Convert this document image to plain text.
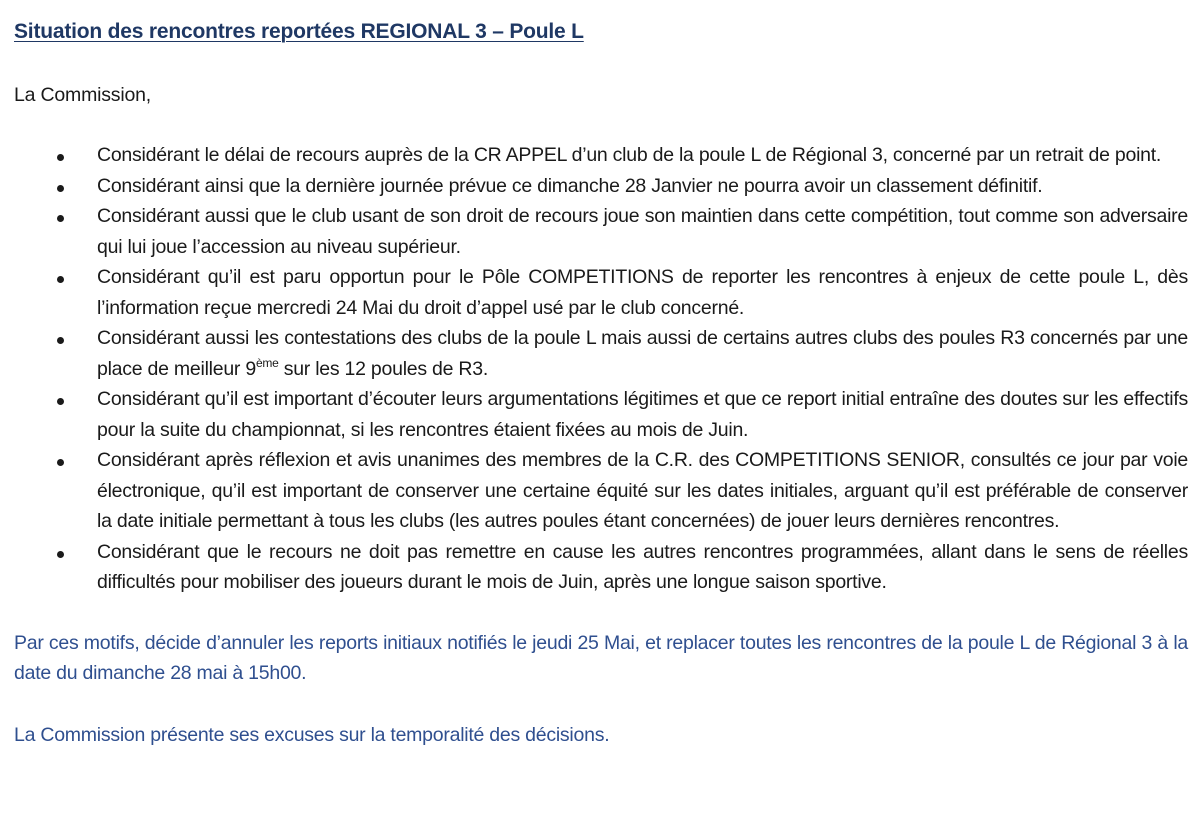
Situation des rencontres reportées REGIONAL 3 – Poule L

La Commission,

Considérant le délai de recours auprès de la CR APPEL d’un club de la poule L de Régional 3, concerné par un retrait de point.
Considérant ainsi que la dernière journée prévue ce dimanche 28 Janvier ne pourra avoir un classement définitif.
Considérant aussi que le club usant de son droit de recours joue son maintien dans cette compétition, tout comme son adversaire qui lui joue l’accession au niveau supérieur.
Considérant qu’il est paru opportun pour le Pôle COMPETITIONS de reporter les rencontres à enjeux de cette poule L, dès l’information reçue mercredi 24 Mai du droit d’appel usé par le club concerné.
Considérant aussi les contestations des clubs de la poule L mais aussi de certains autres clubs des poules R3 concernés par une place de meilleur 9ème sur les 12 poules de R3.
Considérant qu’il est important d’écouter leurs argumentations légitimes et que ce report initial entraîne des doutes sur les effectifs pour la suite du championnat, si les rencontres étaient fixées au mois de Juin.
Considérant après réflexion et avis unanimes des membres de la C.R. des COMPETITIONS SENIOR, consultés ce jour par voie électronique, qu’il est important de conserver une certaine équité sur les dates initiales, arguant qu’il est préférable de conserver la date initiale permettant à tous les clubs (les autres poules étant concernées) de jouer leurs dernières rencontres.
Considérant que le recours ne doit pas remettre en cause les autres rencontres programmées, allant dans le sens de réelles difficultés pour mobiliser des joueurs durant le mois de Juin, après une longue saison sportive.

Par ces motifs, décide d’annuler les reports initiaux notifiés le jeudi 25 Mai, et replacer toutes les rencontres de la poule L de Régional 3 à la date du dimanche 28 mai à 15h00.

La Commission présente ses excuses sur la temporalité des décisions.
